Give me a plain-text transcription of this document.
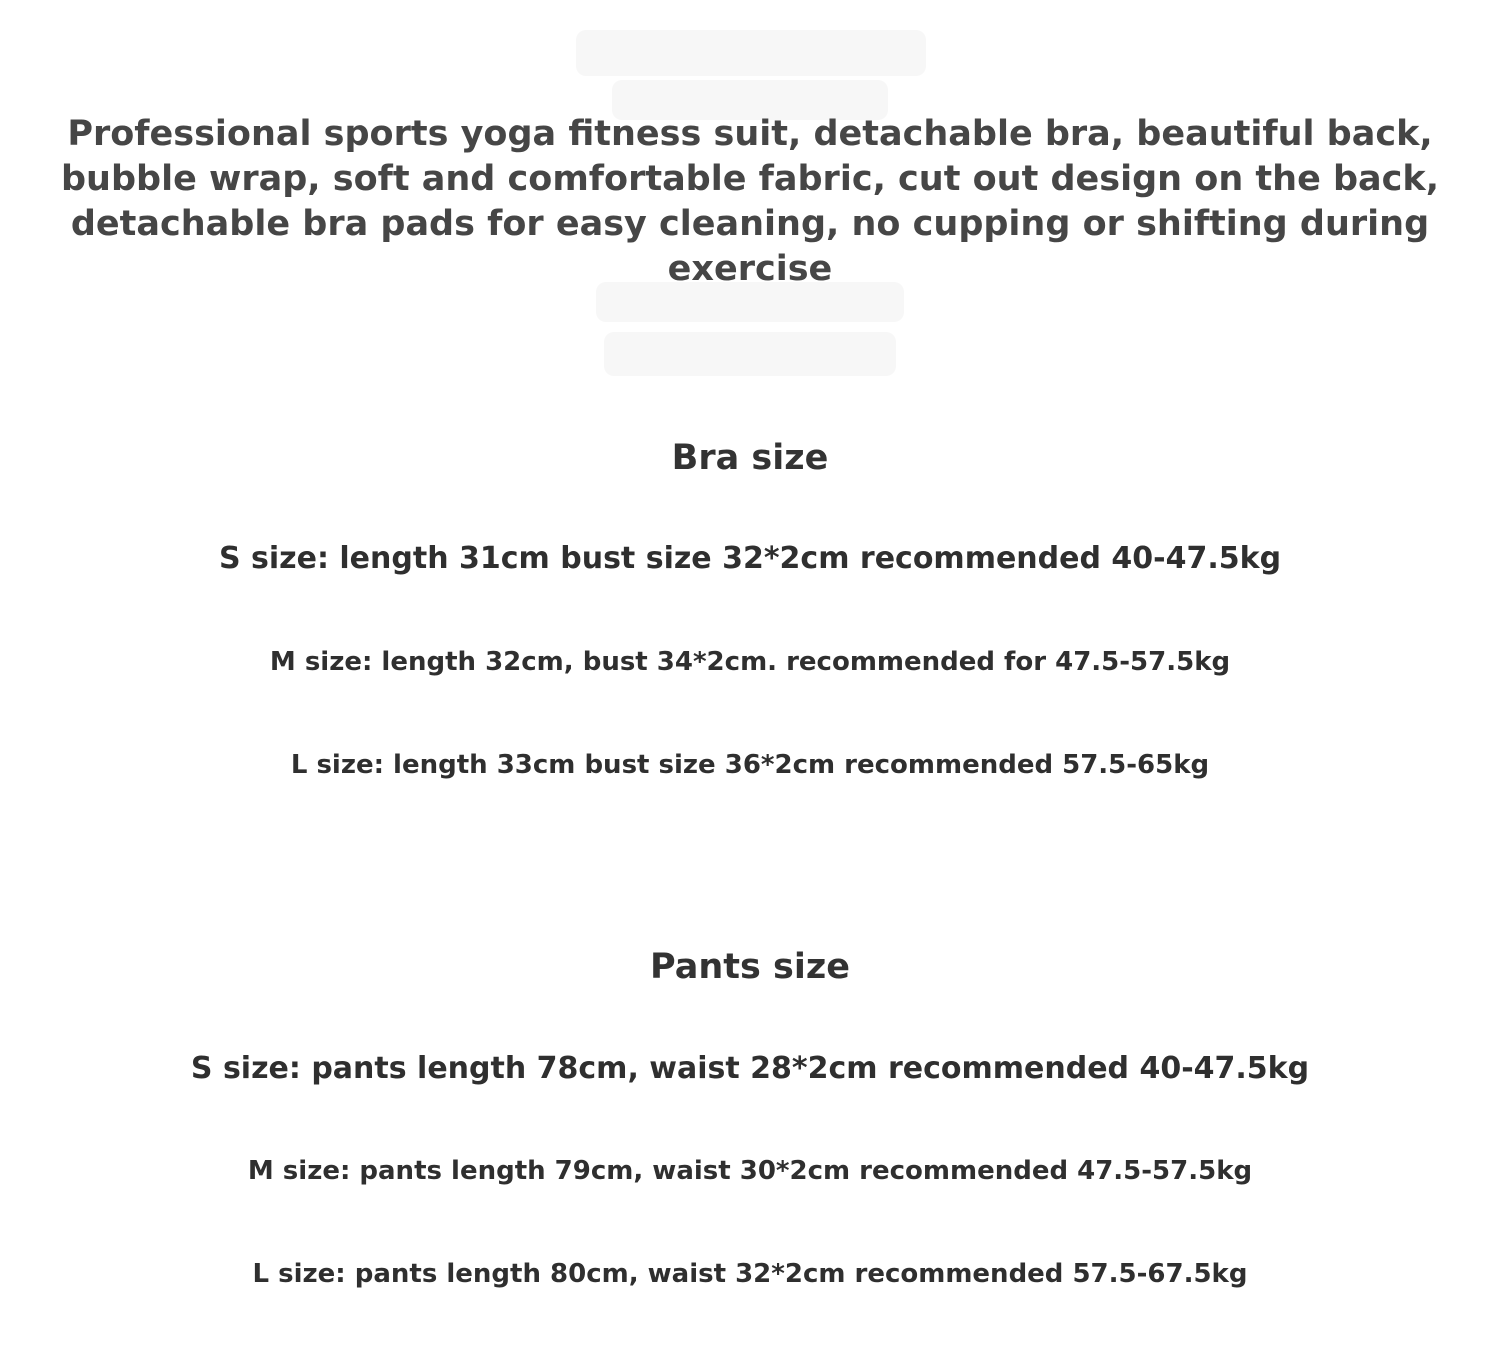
Professional sports yoga fitness suit, detachable bra, beautiful back, bubble wrap, soft and comfortable fabric, cut out design on the back, detachable bra pads for easy cleaning, no cupping or shifting during exercise
Bra size

S size: length 31cm bust size 32*2cm recommended 40-47.5kg

M size: length 32cm, bust 34*2cm. recommended for 47.5-57.5kg

L size: length 33cm bust size 36*2cm recommended 57.5-65kg

Pants size

S size: pants length 78cm, waist 28*2cm recommended 40-47.5kg

M size: pants length 79cm, waist 30*2cm recommended 47.5-57.5kg

L size: pants length 80cm, waist 32*2cm recommended 57.5-67.5kg
